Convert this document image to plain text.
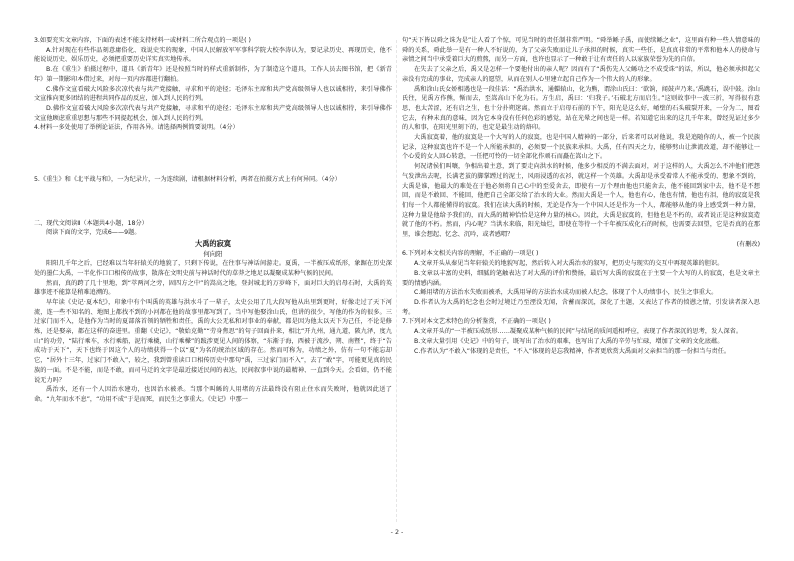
3.如要充实文章内容，下面的表述不能支持材料一或材料二所合观点的一项是( )

A.针对现在有些作品刻意庸俗化、戏说史实的现象，中国人民解放军军事科学院大校李涛认为，要记录历史、再现历史，他不能说说历史、娱乐历史，必须把重要历史详实真实地传承。

B.在《重生》拍摄过程中，道具《新青年》还是按照当时的样式重新制作，为了制造这个道具，工作人员去图书馆，把《新青年》第一期影印本借过来，对每一页内容都进行翻拍。

C.佛作文宣看破大风险多次凉代表与共产党接触，寻求和平的途径；毛泽东主席和共产党高级领导人也以诚相待，来引导佛作文宣推向更多团结的进程共同作品的反应，加入到人民的行列。

D.佛作文宣看破大风险多次凉代表与共产党接触，寻求和平的途径；毛泽东主席和共产党高级领导人也以诚相待，来引导佛作文宣他顾虑重重思想与那些不同提起机会，加入到人民的行列。

4.材料一多处使用了举例论证法，作用各异。请选择两例简要说明。（4分）

5.《重生》和《北平战与和》，一为纪录片，一为连续剧，请根据材料分析，两者在拍摄方式上有何异同。（4分）

二、现代文阅读Ⅱ（本题共4小题，18分）

阅读下面的文字，完成6——9题。

大禹的寂寞

何向阳

阳阳几千年之后，已经难以当年轩辕关的地貌了，只剩下传说，在往事与神话间游走。夏禹，一半被压成纸形，象踞在历史深处的墨仁大禹，一半化作口口相传的故事，散落在文明史前与神话时代的草莽之地足以凝聚成某种气候的民间。

然而，真的跨了几十里地，到“萃两河之旁，固四方之中”的嵩高之地，登封城北的万岁峰下，面对巨大的启母石时，大禹的英雄事迹不能算是稍难追溯的。

早年读《史记·夏本纪》，印象中有个叫禹的英雄与洪水斗了一辈子，太史公用了几大段写他从出里到更时，好像走过了天下河流，连一些不知名的、地图上都找不到的小河都在他的故事里都写到了。当中写他娶涂山氏，但讲的很少，写他的作为的很多。三过家门而不入，是他作为当时的夏部落首领的牺牲和责任，禹的大公无私和对事业的奉献，都是因为他太以天下为己任，不论是修炼，还是娶亲，都在这样的奋进里。重翻《史记》，“敬始克勤”“劳身焦思”的句子回面扑来，相比“开九州，通九道，陂九泽，度九山”的功劳，“陆行乘车，水行乘船，泥行乘橇，山行乘檋”的跋涉更见人间的体察，“东渐于海，西被于流沙，朔、南暨”，终于“告成功于天下”，天下也终于因这个人的功绩获得一个以“夏”为名的统治区域的存在。然而可称为，功绩之外，仿有一句不能忘却它，“居外十三年，过家门不敢入”，较之，我到曾重读口口相传历史中那句“禹，三过家门而不入”，去了“敢”字，可能更见真的民族的一面。不是不能，而是不敢，而司马迁的文字是最近接近民间的表达，民间叙事中说的最精神、一直到今天。会看如，仍不能说无力吗？

禹治水，还有一个人因治水建功，也因治水被杀。当那个叫鲧的人用堵的方法最终没有阻止住水而失败时，他就因此送了命。“九年而水不息”，“功用不成”于是而死，而民生之事重大。《史记》中那一

句“天下皆以舜之诛为是”让人看了个惊，可见当时的责任制非常严明。“舜举鲧子禹，而使续鲧之业”，这里面有种一些人情意味的舜的关系，舜此举一是有一种人不好说的，为了父亲失败而让儿子承担的时候，真实一些任，是真真非常的平常和他本人的使命与亲情之间当中承受着巨大的煎熬，而另一方面，也许也显示了一种敢于让有责任的人以家族荣誉为先的自信。

在失去了父亲之后，禹又是怎样一个要他付出的亲人呢？因而有了“禹伤先人父鲧功之不成受诛”的话，所以，他必须承担起父亲没有完成的事业，完成亲人的愿望，从而在别人心里建立起自己作为一个伟大的人的形象。

禹和涂山氏女娇相遇也是一段佳话：“禹治洪水，通轘辕山，化为熊，谓涂山氏曰：‘欲饷，闻鼓声乃来。’禹跳石，误中鼓。涂山氏往，见禹方作熊，惭而去，至嵩高山下化为石。方生启，禹曰：‘归我子。’石破北方而启生。”这则故事中一波三折，写得很有意思，也太苦涩，还有启之生，也十分扑朔迷离。然而立于启母石前的下午，阳光是这么好，崤壁的石头破裂开来，一分为二，图看它去，有种未真的意味，因为它本身没有任何色彩的感觉，站在光晕之间也是一样。若知道它出来的这几千年来，曾经见证过多少的人和事，在阳光里刻下的，也定是最生动的烙印。

大禹寂寞着，他的寂寞是一个大写的人的寂寞，也是中国人精神的一部分，后来者可以对他说，我是追随你的人，被一个民族记录，这种寂寞也许不是一个人所能承担的，必须要一个民族来承担。大禹，任有四天之力，能够劈山让泄流改道，却不能够让一个心爱的女人回心转意，一任把可怜的一切全部化作顽石而矗在嵩山之下。

何况诸侯们叫嚷，争相出着主意，到了要走向洪水的时候，他多少相反的不满去面对，对于这样的人，大禹怎么不冲他们把怨气发泄出去呢，长满老茧的脚掌蹚过的泥土，风雨浸透的衣衫，就这样一个英雄。大禹却是承受着常人不能承受的、想象不到的，大禹是谁，他最大的难处在于他必须将自己心中的至爱舍去，即使有一万个理由他也只能舍去，他不能回到家中去，他不是不想回，而是不敢回、不能回，他把自己全部交给了治水的大业。然而大禹是一个人，他也有心，他也有情，他也有泪，他的寂寞是我们每一个人都能懂得的寂寞。我们在读大禹的时候，无论是作为一个中国人还是作为一个人，都能够从他的身上感受到一种力量，这种力量是他给予我们的，而大禹的精神恰恰是这种力量的核心。因此，大禹是寂寞的，但他也是不朽的，或者说正是这种寂寞造就了他的不朽。然而，内心呢？当洪水来临，阳光灿烂，即使在等待一个千年被压成化石的时候，也需要去回望，它是否真的在那里，谁会想起、忆念、沉吟，或者感喟？

(有删改)

6.下列对本文相关内容的理解，不正确的一项是( )

A.文章开头从秦见当年轩辕关的地貌写起，然后转入对大禹治水的叙写，把历史与现实的交互中再现英雄的胆识。

B.文章以丰富的史料，细腻的笔触表达了对大禹的评价和赞扬，最后写大禹的寂寞在于主要一个大写的人的寂寞，也是文章主要的情感内涵。

C.鲧用堵的方法治水失败而被杀，大禹用导的方法治水成功而被人纪念，体现了个人功绩事小，民生之事重大。

D.作者认为大禹的纪念也会时过境迁乃至湮没无闻，含蓄而深沉，深化了主题，又表达了作者的愤懑之情，引发读者深入思考。

7.下列对本文艺术特色的分析鉴赏，不正确的一项是( )

A.文章开头的“一半被压成纸形……凝聚成某种气候的民间”与结尾的质问遥相呼应，表现了作者深沉的思考，发人深省。

B.文章大量引用《史记》中的句子，既写出了治水的艰难，也写出了大禹的辛劳与忙碌，增加了文章的文化底蕴。

C.作者认为“不敢入”体现的是责任，“不入”体现的是忘我精神，作者更欣赏大禹面对父亲担当的那一份担当与责任。

- 2 -
